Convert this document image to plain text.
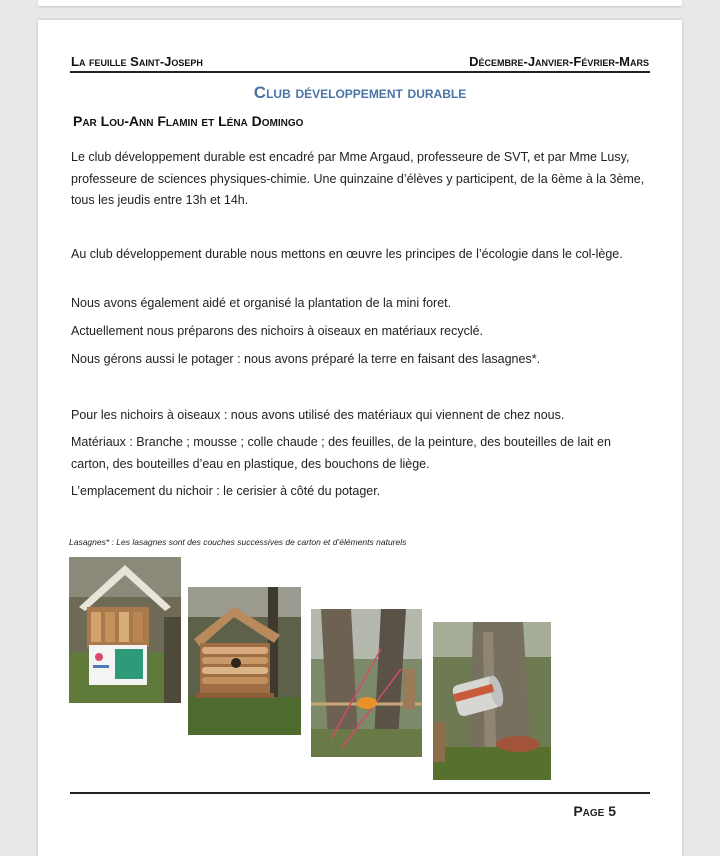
La feuille Saint-Joseph	Décembre-Janvier-Février-Mars
Club développement durable
Par Lou-Ann Flamin et Léna Domingo

Le club développement durable est encadré par Mme Argaud, professeure de SVT, et par Mme Lusy, professeure de sciences physiques-chimie. Une quinzaine d’élèves y participent, de la 6ème à la 3ème, tous les jeudis entre 13h et 14h.

Au club développement durable nous mettons en œuvre les principes de l’écologie dans le col-lège.

Nous avons également aidé et organisé la plantation de la mini foret.

Actuellement nous préparons des nichoirs à oiseaux en matériaux recyclé.

Nous gérons aussi le potager : nous avons préparé la terre en faisant des lasagnes*.

Pour les nichoirs à oiseaux : nous avons utilisé des matériaux qui viennent de chez nous.

Matériaux : Branche ; mousse ; colle chaude ; des feuilles, de la peinture, des bouteilles de lait en carton, des bouteilles d’eau en plastique, des bouchons de liège.

L’emplacement du nichoir : le cerisier à côté du potager.

Lasagnes* : Les lasagnes sont des couches successives de carton et d’éléments naturels
Page 5
